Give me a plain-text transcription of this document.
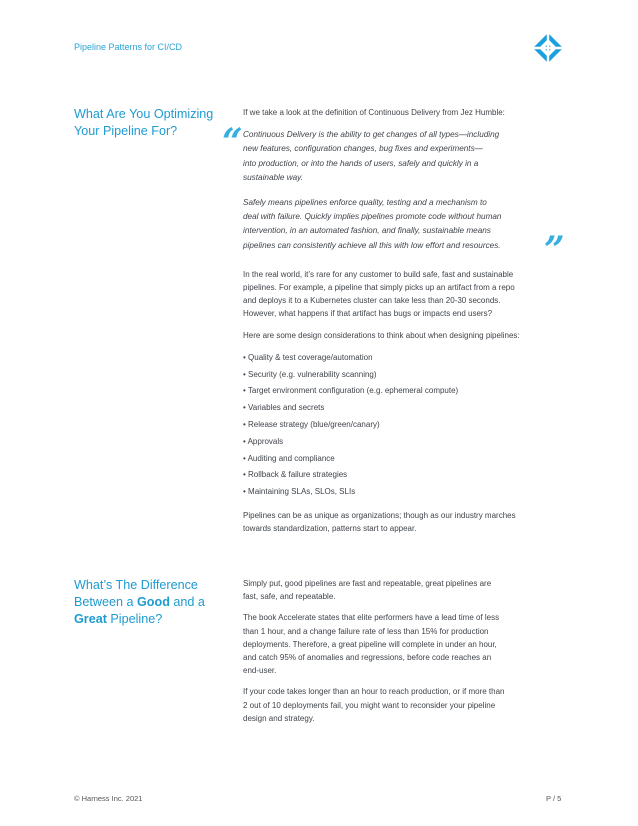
Pipeline Patterns for CI/CD
What Are You Optimizing
Your Pipeline For?	“
”

If we take a look at the definition of Continuous Delivery from Jez Humble:

Continuous Delivery is the ability to get changes of all types—including
new features, configuration changes, bug fixes and experiments—
into production, or into the hands of users, safely and quickly in a
sustainable way.
Safely means pipelines enforce quality, testing and a mechanism to
deal with failure. Quickly implies pipelines promote code without human
intervention, in an automated fashion, and finally, sustainable means
pipelines can consistently achieve all this with low effort and resources.

In the real world, it’s rare for any customer to build safe, fast and sustainable
pipelines. For example, a pipeline that simply picks up an artifact from a repo
and deploys it to a Kubernetes cluster can take less than 20-30 seconds.
However, what happens if that artifact has bugs or impacts end users?

Here are some design considerations to think about when designing pipelines:

• Quality & test coverage/automation
• Security (e.g. vulnerability scanning)
• Target environment configuration (e.g. ephemeral compute)
• Variables and secrets
• Release strategy (blue/green/canary)
• Approvals
• Auditing and compliance
• Rollback & failure strategies
• Maintaining SLAs, SLOs, SLIs

Pipelines can be as unique as organizations; though as our industry marches
towards standardization, patterns start to appear.

What’s The Difference
Between a Good and a
Great Pipeline?

Simply put, good pipelines are fast and repeatable, great pipelines are
fast, safe, and repeatable.

The book Accelerate states that elite performers have a lead time of less
than 1 hour, and a change failure rate of less than 15% for production
deployments. Therefore, a great pipeline will complete in under an hour,
and catch 95% of anomalies and regressions, before code reaches an
end-user.

If your code takes longer than an hour to reach production, or if more than
2 out of 10 deployments fail, you might want to reconsider your pipeline
design and strategy.

© Harness Inc. 2021	P / 5
